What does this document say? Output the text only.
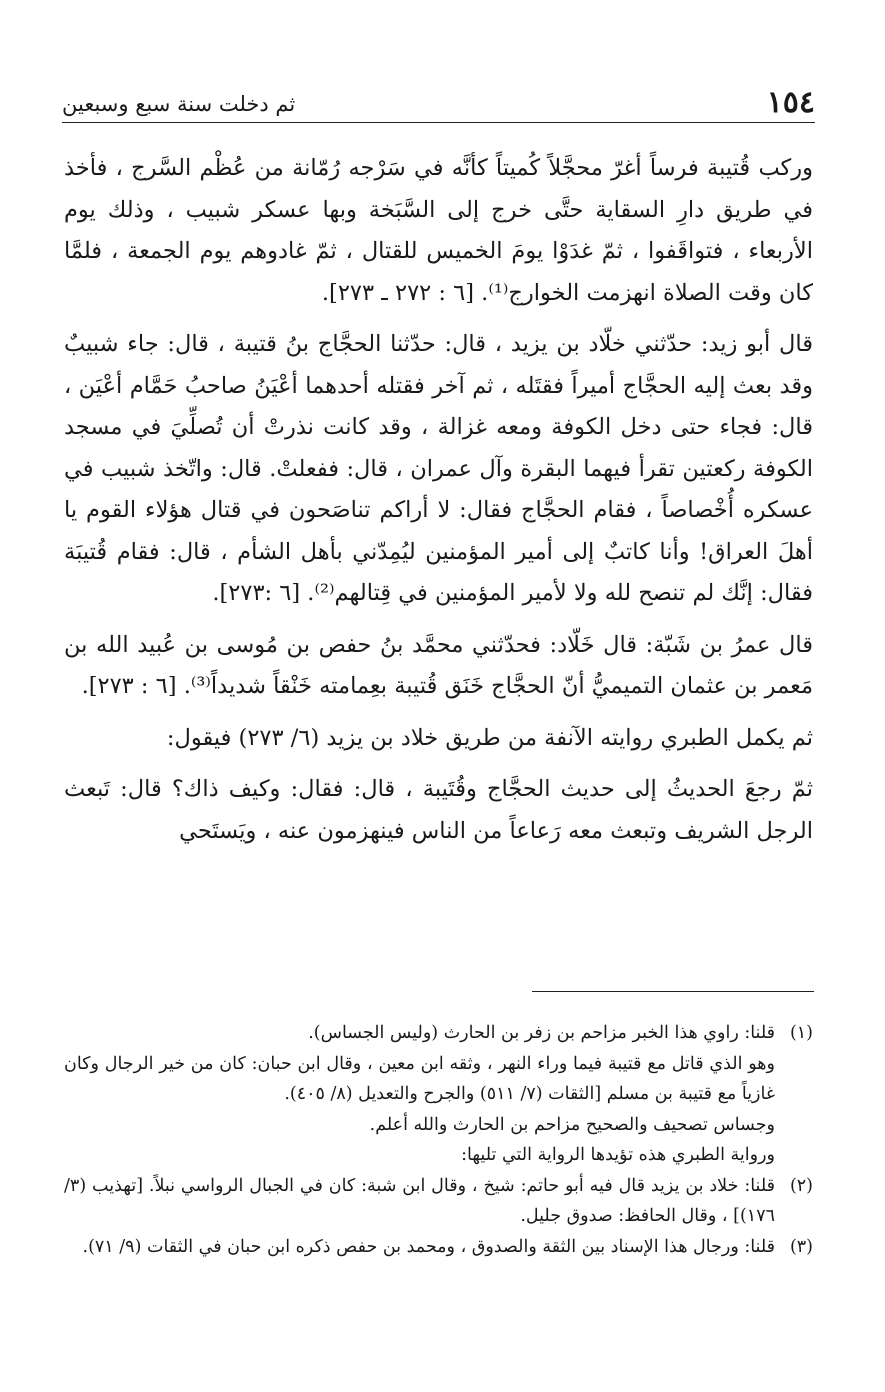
١٥٤
ثم دخلت سنة سبع وسبعين

وركب قُتيبة فرساً أغرّ محجَّلاً كُميتاً كأنَّه في سَرْجه رُمّانة من عُظْم السَّرج ، فأخذ في طريق دارِ السقاية حتَّى خرج إلى السَّبَخة وبها عسكر شبيب ، وذلك يوم الأربعاء ، فتواقَفوا ، ثمّ غدَوْا يومَ الخميس للقتال ، ثمّ غادوهم يوم الجمعة ، فلمَّا كان وقت الصلاة انهزمت الخوارج⁽¹⁾. [٦ : ٢٧٢ ـ ٢٧٣].

قال أبو زيد: حدّثني خلّاد بن يزيد ، قال: حدّثنا الحجَّاج بنُ قتيبة ، قال: جاء شبيبٌ وقد بعث إليه الحجَّاج أميراً فقتَله ، ثم آخر فقتله أحدهما أعْيَنُ صاحبُ حَمَّام أعْيَن ، قال: فجاء حتى دخل الكوفة ومعه غزالة ، وقد كانت نذرتْ أن تُصلِّيَ في مسجد الكوفة ركعتين تقرأ فيهما البقرة وآل عمران ، قال: ففعلتْ. قال: واتّخذ شبيب في عسكره أُخْصاصاً ، فقام الحجَّاج فقال: لا أراكم تناصَحون في قتال هؤلاء القوم يا أهلَ العراق! وأنا كاتبٌ إلى أمير المؤمنين ليُمِدّني بأهل الشأم ، قال: فقام قُتيبَة فقال: إنَّك لم تنصح لله ولا لأمير المؤمنين في قِتالهم⁽²⁾. [٦ :٢٧٣].

قال عمرُ بن شَبّة: قال خَلّاد: فحدّثني محمَّد بنُ حفص بن مُوسى بن عُبيد الله بن مَعمر بن عثمان التميميُّ أنّ الحجَّاج خَنَق قُتيبة بعِمامته خَنْقاً شديداً⁽³⁾. [٦ : ٢٧٣].

ثم يكمل الطبري روايته الآنفة من طريق خلاد بن يزيد (٦/ ٢٧٣) فيقول:

ثمّ رجعَ الحديثُ إلى حديث الحجَّاج وقُتَيبة ، قال: فقال: وكيف ذاك؟ قال: تَبعث الرجل الشريف وتبعث معه رَعاعاً من الناس فينهزمون عنه ، ويَستَحي

(١)

قلنا: راوي هذا الخبر مزاحم بن زفر بن الحارث (وليس الجساس).

وهو الذي قاتل مع قتيبة فيما وراء النهر ، وثقه ابن معين ، وقال ابن حبان: كان من خير الرجال وكان غازياً مع قتيبة بن مسلم [الثقات (٧/ ٥١١) والجرح والتعديل (٨/ ٤٠٥).

وجساس تصحيف والصحيح مزاحم بن الحارث والله أعلم.

ورواية الطبري هذه تؤيدها الرواية التي تليها:

(٢)

قلنا: خلاد بن يزيد قال فيه أبو حاتم: شيخ ، وقال ابن شبة: كان في الجبال الرواسي نبلاً. [تهذيب (٣/ ١٧٦)] ، وقال الحافظ: صدوق جليل.

(٣)

قلنا: ورجال هذا الإسناد بين الثقة والصدوق ، ومحمد بن حفص ذكره ابن حبان في الثقات (٩/ ٧١).
